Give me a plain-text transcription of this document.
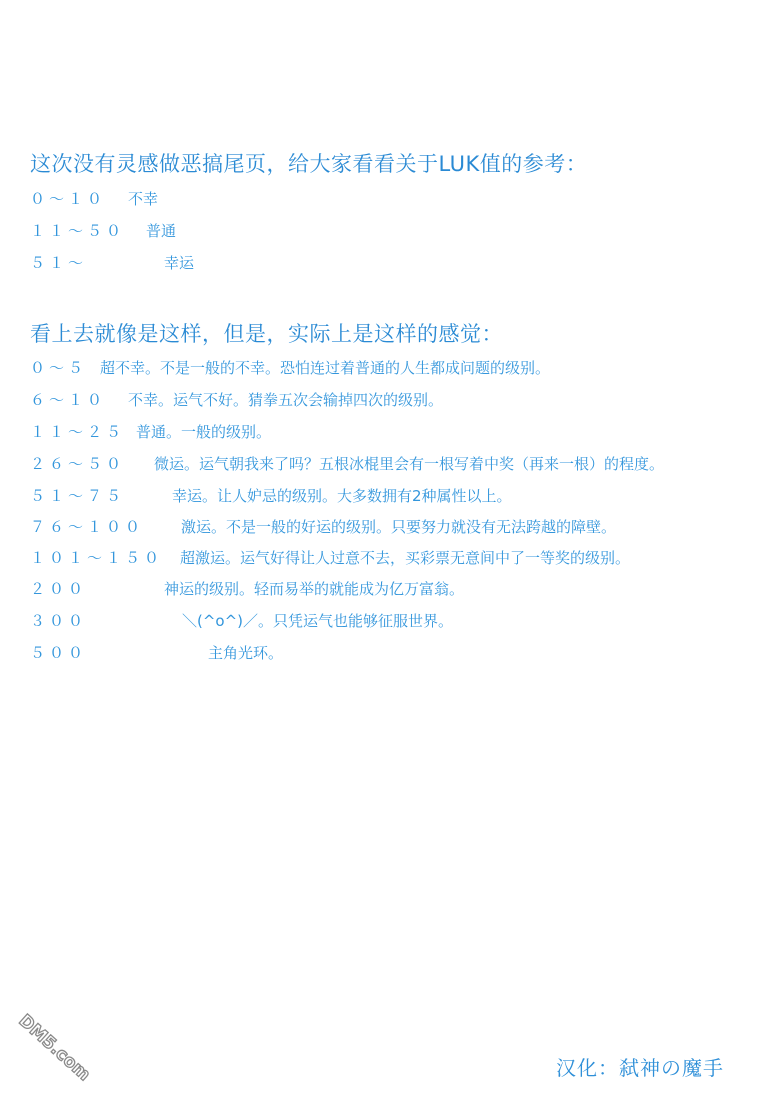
这次没有灵感做恶搞尾页，给大家看看关于LUK值的参考：
０～１０ 不幸
１１～５０ 普通
５１～	幸运
看上去就像是这样，但是，实际上是这样的感觉：
０～５ 超不幸。不是一般的不幸。恐怕连过着普通的人生都成问题的级别。
６～１０ 不幸。运气不好。猜拳五次会输掉四次的级别。
１１～２５ 普通。一般的级别。
２６～５０ 微运。运气朝我来了吗？五根冰棍里会有一根写着中奖（再来一根）的程度。
５１～７５	幸运。让人妒忌的级别。大多数拥有2种属性以上。
７６～１００ 激运。不是一般的好运的级别。只要努力就没有无法跨越的障壁。
１０１～１５０ 超激运。运气好得让人过意不去，买彩票无意间中了一等奖的级别。
２００	神运的级别。轻而易举的就能成为亿万富翁。
３００	＼(^o^)／。只凭运气也能够征服世界。
５００	主角光环。
DM5.com	汉化：弑神の魔手
